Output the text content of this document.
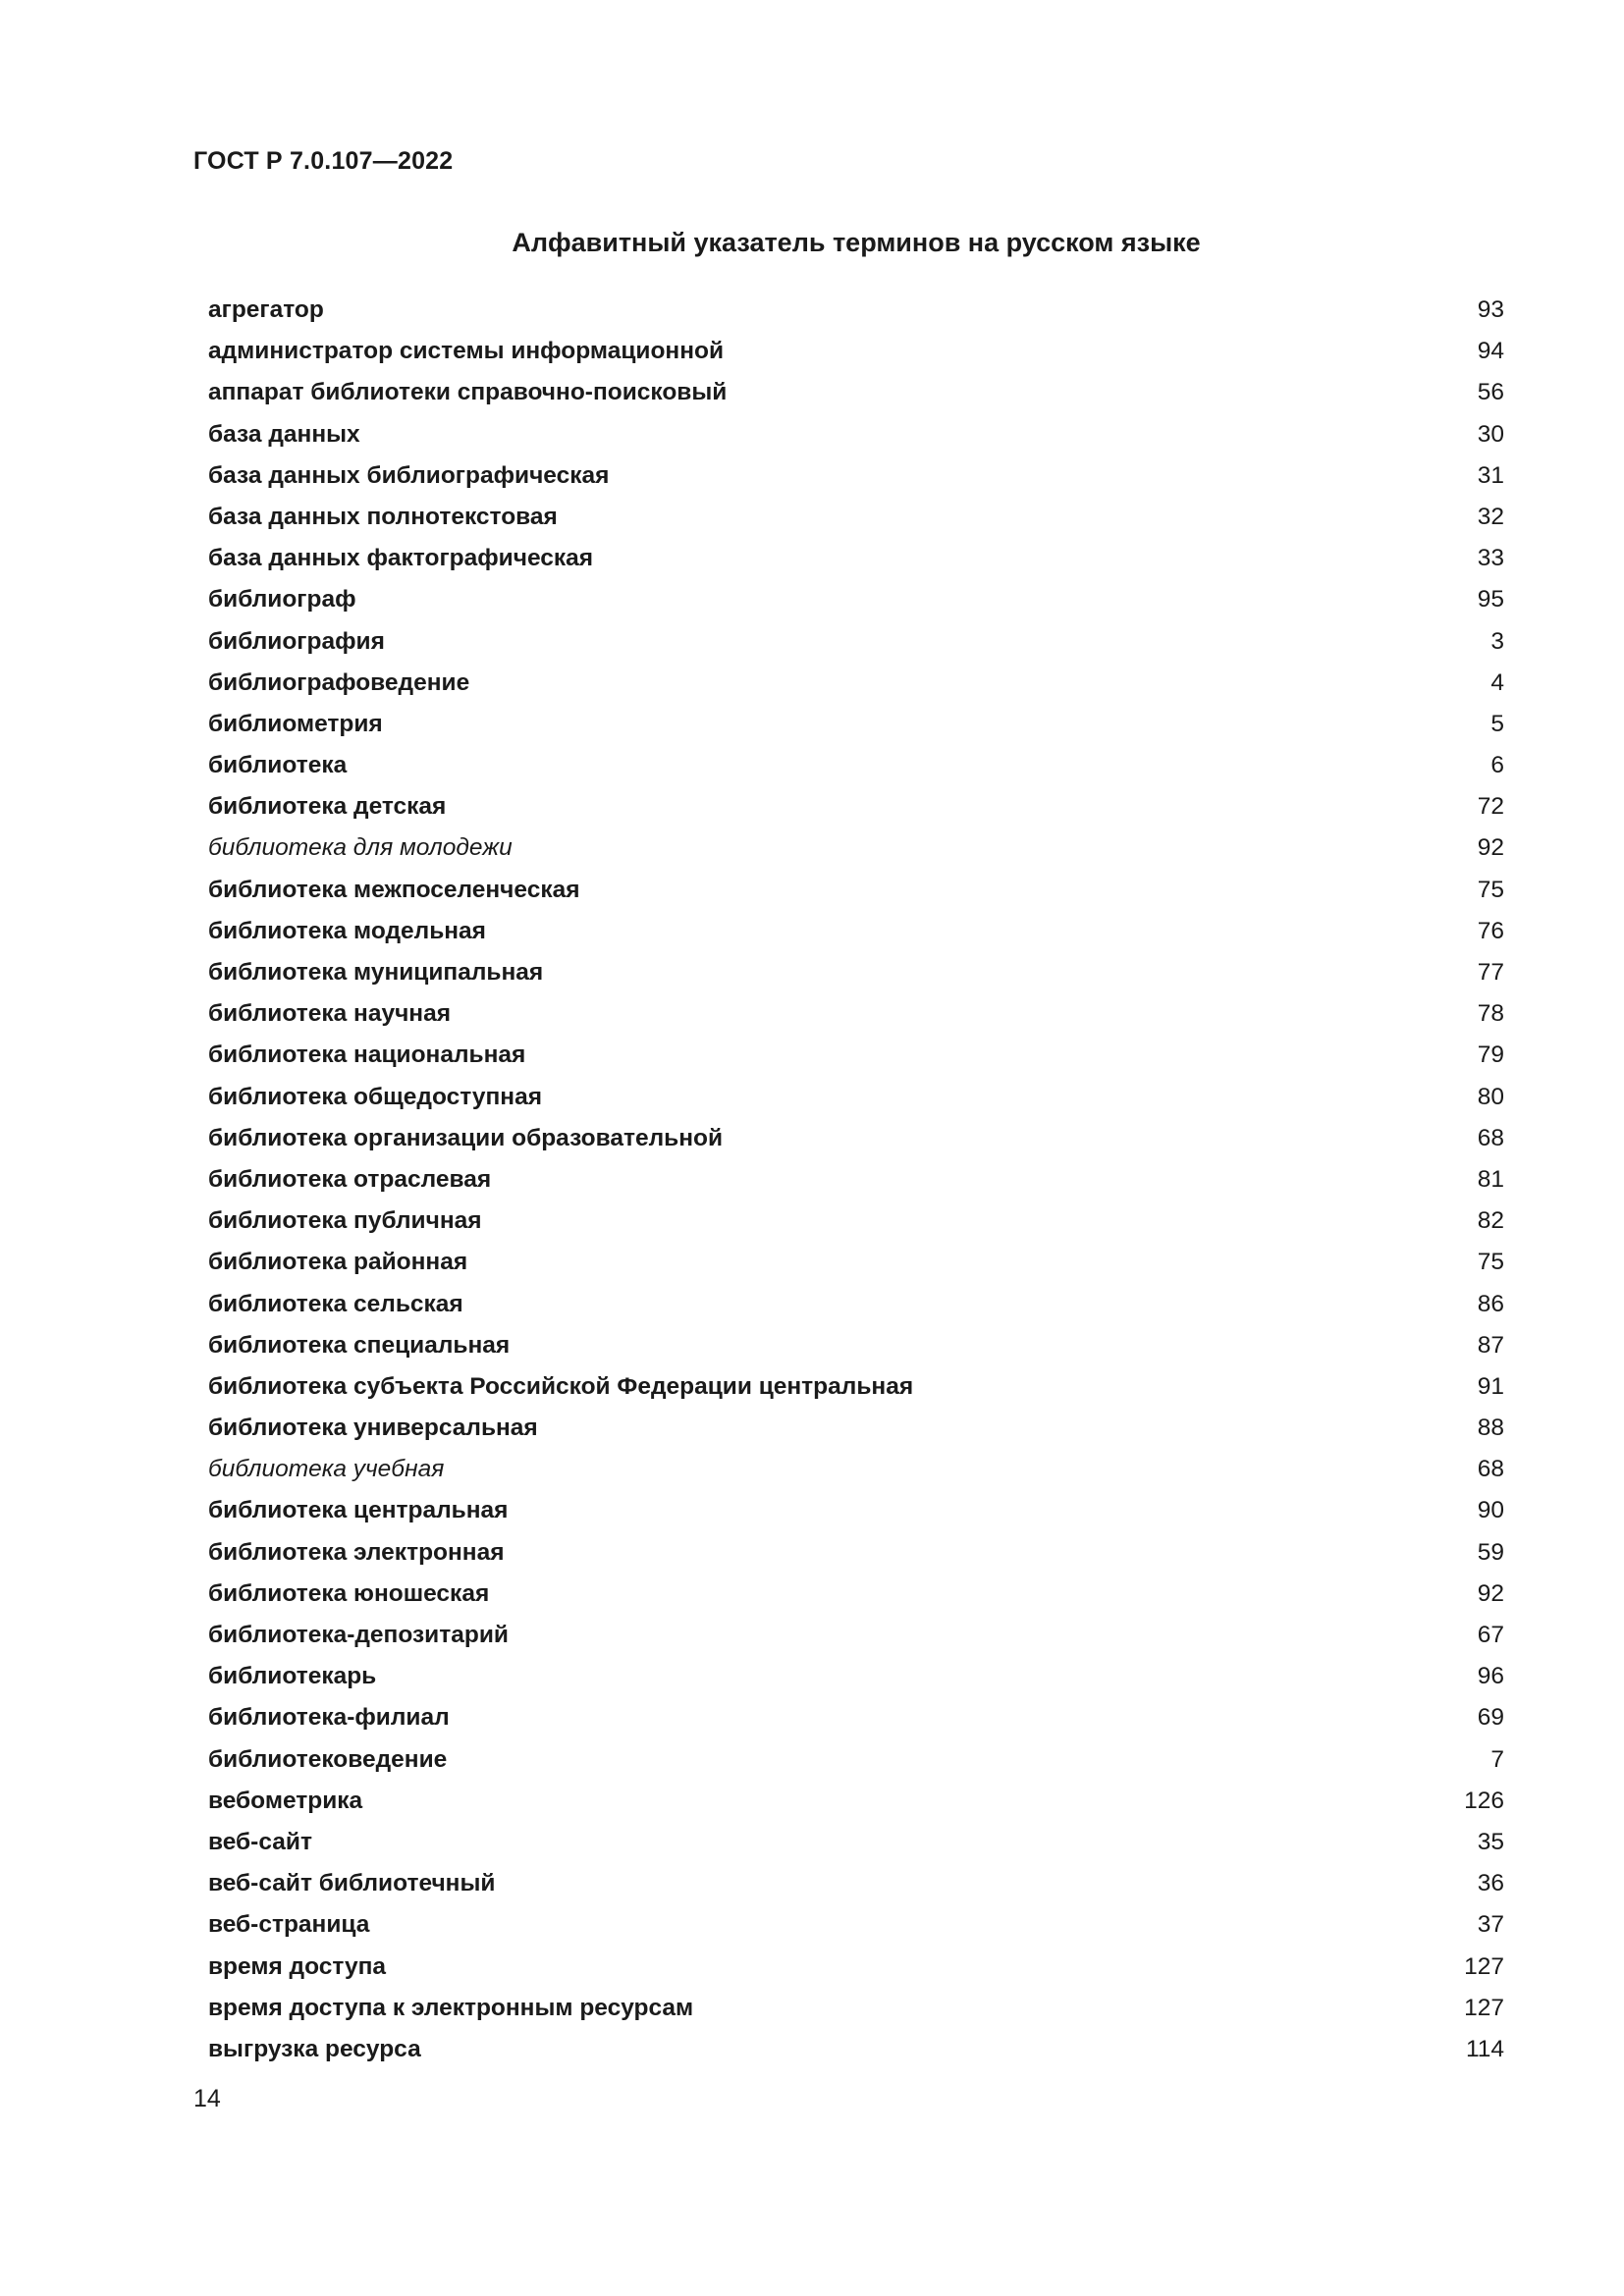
ГОСТ Р 7.0.107—2022

Алфавитный указатель терминов на русском языке
агрегатор	93
администратор системы информационной	94
аппарат библиотеки справочно-поисковый	56
база данных	30
база данных библиографическая	31
база данных полнотекстовая	32
база данных фактографическая	33
библиограф	95
библиография	3
библиографоведение	4
библиометрия	5
библиотека	6
библиотека детская	72
библиотека для молодежи	92
библиотека межпоселенческая	75
библиотека модельная	76
библиотека муниципальная	77
библиотека научная	78
библиотека национальная	79
библиотека общедоступная	80
библиотека организации образовательной	68
библиотека отраслевая	81
библиотека публичная	82
библиотека районная	75
библиотека сельская	86
библиотека специальная	87
библиотека субъекта Российской Федерации центральная	91
библиотека универсальная	88
библиотека учебная	68
библиотека центральная	90
библиотека электронная	59
библиотека юношеская	92
библиотека-депозитарий	67
библиотекарь	96
библиотека-филиал	69
библиотековедение	7
вебометрика	126
веб-сайт	35
веб-сайт библиотечный	36
веб-страница	37
время доступа	127
время доступа к электронным ресурсам	127
выгрузка ресурса	114

14
